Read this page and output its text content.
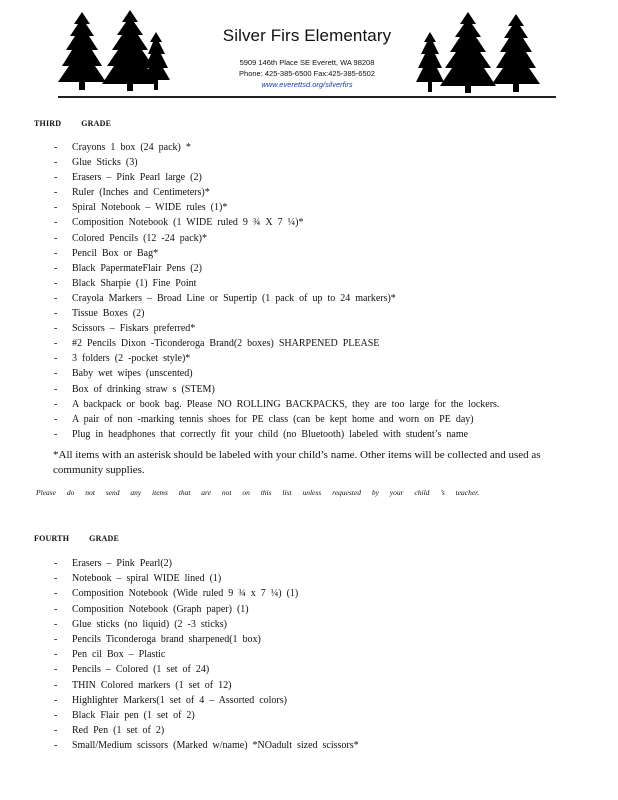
Silver Firs Elementary
5909 146th Place SE Everett, WA 98208
Phone: 425-385-6500 Fax:425-385-6502
www.everettsd.org/silverfirs
THIRD	GRADE
- Crayons 1 box (24 pack) *
- Glue Sticks (3)
- Erasers – Pink Pearl large (2)
- Ruler (Inches and Centimeters)*
- Spiral Notebook – WIDE rules (1)*
- Composition Notebook (1 WIDE ruled 9 ¾ X 7 ¼)*
- Colored Pencils (12 -24 pack)*
- Pencil Box or Bag*
- Black PapermateFlair Pens (2)
- Black Sharpie (1) Fine Point
- Crayola Markers – Broad Line or Supertip (1 pack of up to 24 markers)*
- Tissue Boxes (2)
- Scissors – Fiskars preferred*
- #2 Pencils Dixon -Ticonderoga Brand(2 boxes) SHARPENED PLEASE
- 3 folders (2 -pocket style)*
- Baby wet wipes (unscented)
- Box of drinking straw s (STEM)
- A backpack or book bag. Please NO ROLLING BACKPACKS, they are too large for the lockers.
- A pair of non -marking tennis shoes for PE class (can be kept home and worn on PE day)
- Plug in headphones that correctly fit your child (no Bluetooth) labeled with student’s name
*All items with an asterisk should be labeled with your child’s name. Other items will be collected and used as community supplies.
Please do not send any items that are not on this list unless requested by your child ’s teacher.
FOURTH	GRADE
- Erasers – Pink Pearl(2)
- Notebook – spiral WIDE lined (1)
- Composition Notebook (Wide ruled 9 ¾ x 7 ¼) (1)
- Composition Notebook (Graph paper) (1)
- Glue sticks (no liquid) (2 -3 sticks)
- Pencils Ticonderoga brand sharpened(1 box)
- Pen cil Box – Plastic
- Pencils – Colored (1 set of 24)
- THIN Colored markers (1 set of 12)
- Highlighter Markers(1 set of 4 – Assorted colors)
- Black Flair pen (1 set of 2)
- Red Pen (1 set of 2)
- Small/Medium scissors (Marked w/name) *NOadult sized scissors*
